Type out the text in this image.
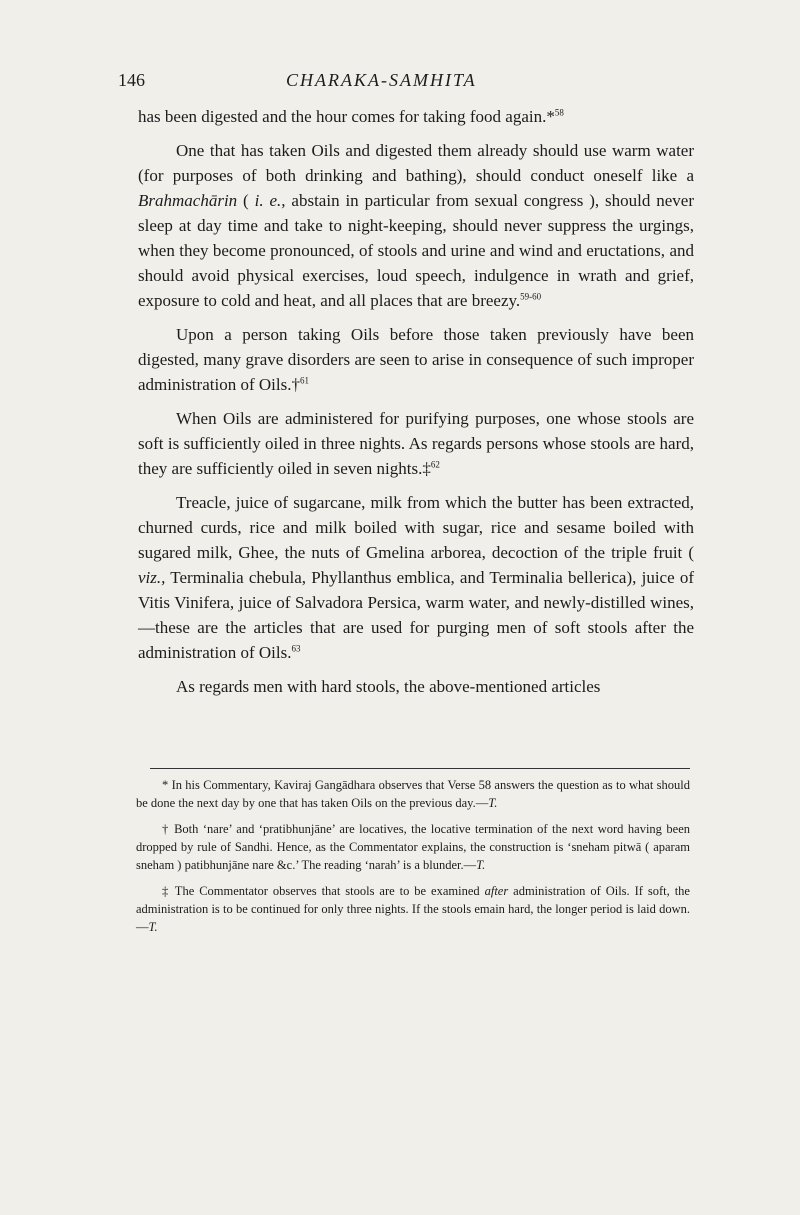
146	CHARAKA-SAMHITA

has been digested and the hour comes for taking food again.*$^{58}$

One that has taken Oils and digested them already should use warm water (for purposes of both drinking and bathing), should conduct oneself like a Brahmachārin ( i. e., abstain in particular from sexual congress ), should never sleep at day time and take to night-keeping, should never suppress the urgings, when they become pronounced, of stools and urine and wind and eructations, and should avoid physical exercises, loud speech, indulgence in wrath and grief, exposure to cold and heat, and all places that are breezy.$^{59-60}$

Upon a person taking Oils before those taken previously have been digested, many grave disorders are seen to arise in consequence of such improper administration of Oils.†$^{61}$

When Oils are administered for purifying purposes, one whose stools are soft is sufficiently oiled in three nights. As regards persons whose stools are hard, they are sufficiently oiled in seven nights.‡$^{62}$

Treacle, juice of sugarcane, milk from which the butter has been extracted, churned curds, rice and milk boiled with sugar, rice and sesame boiled with sugared milk, Ghee, the nuts of Gmelina arborea, decoction of the triple fruit ( viz., Terminalia chebula, Phyllanthus emblica, and Terminalia bellerica), juice of Vitis Vinifera, juice of Salvadora Persica, warm water, and newly-distilled wines,—these are the articles that are used for purging men of soft stools after the administration of Oils.$^{63}$

As regards men with hard stools, the above-mentioned articles

* In his Commentary, Kaviraj Gangādhara observes that Verse 58 answers the question as to what should be done the next day by one that has taken Oils on the previous day.—T.

† Both ‘nare’ and ‘pratibhunjāne’ are locatives, the locative termination of the next word having been dropped by rule of Sandhi. Hence, as the Commentator explains, the construction is ‘sneham pitwā ( aparam sneham ) patibhunjāne nare &c.’ The reading ‘narah’ is a blunder.—T.

‡ The Commentator observes that stools are to be examined after administration of Oils. If soft, the administration is to be continued for only three nights. If the stools emain hard, the longer period is laid down.—T.
